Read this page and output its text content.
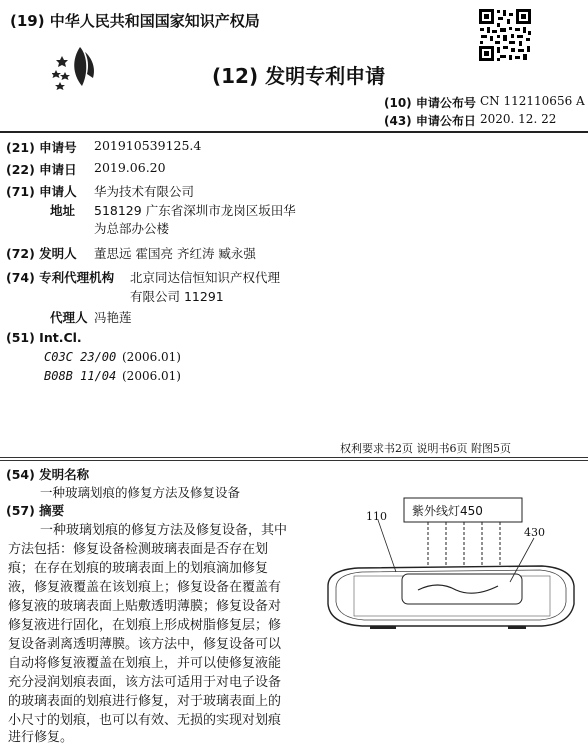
(19) 中华人民共和国国家知识产权局
(12) 发明专利申请
(10) 申请公布号 CN 112110656 A
(43) 申请公布日 2020. 12. 22
(21) 申请号 201910539125.4
(22) 申请日 2019.06.20
(71) 申请人 华为技术有限公司
地址 518129 广东省深圳市龙岗区坂田华
为总部办公楼
(72) 发明人 董思远 霍国亮 齐红涛 臧永强
(74) 专利代理机构 北京同达信恒知识产权代理
有限公司 11291
代理人 冯艳莲
(51) Int.Cl.
C03C 23/00 (2006.01)
B08B 11/04 (2006.01)
权利要求书2页 说明书6页 附图5页
(54) 发明名称
一种玻璃划痕的修复方法及修复设备
(57) 摘要
一种玻璃划痕的修复方法及修复设备，其中
方法包括：修复设备检测玻璃表面是否存在划
痕；在存在划痕的玻璃表面上的划痕滴加修复
液，修复液覆盖在该划痕上；修复设备在覆盖有
修复液的玻璃表面上贴敷透明薄膜；修复设备对
修复液进行固化，在划痕上形成树脂修复层；修
复设备剥离透明薄膜。该方法中，修复设备可以
自动将修复液覆盖在划痕上，并可以使修复液能
充分浸润划痕表面，该方法可适用于对电子设备
的玻璃表面的划痕进行修复，对于玻璃表面上的
小尺寸的划痕，也可以有效、无损的实现对划痕
进行修复。
紫外线灯450
110
430
